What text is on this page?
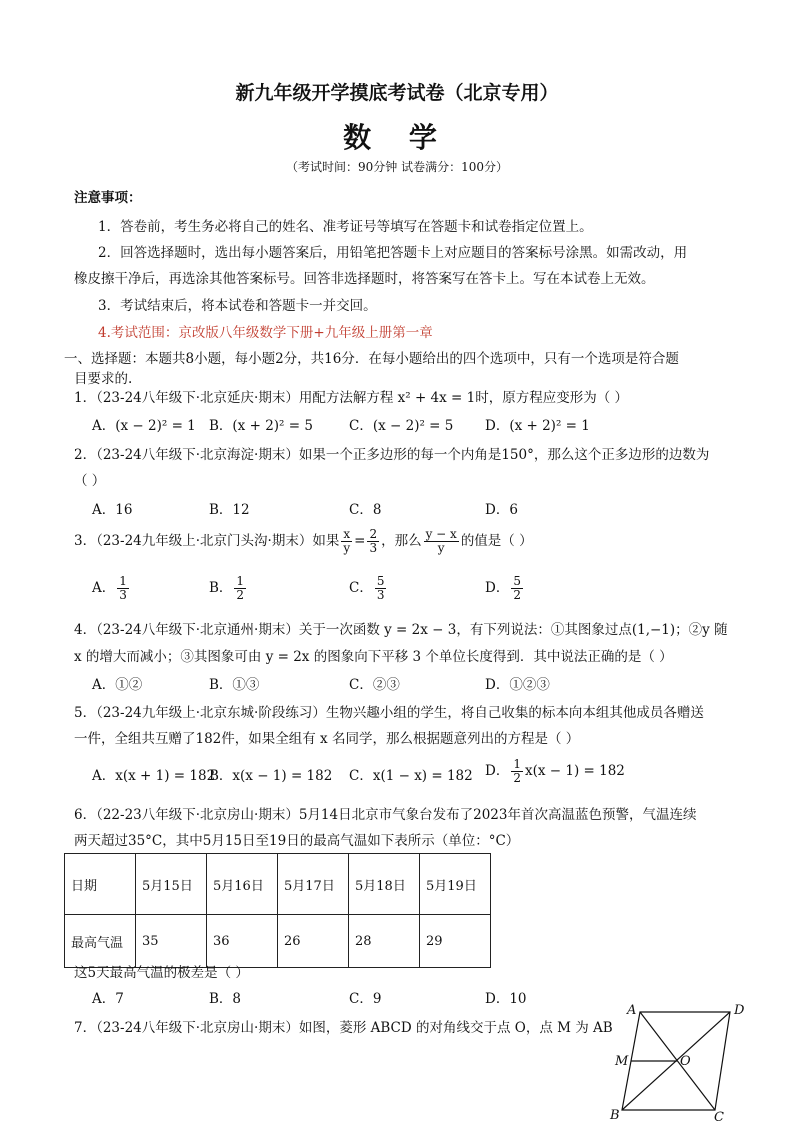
新九年级开学摸底考试卷（北京专用）
数 学
（考试时间：90分钟 试卷满分：100分）
注意事项：
1．答卷前，考生务必将自己的姓名、准考证号等填写在答题卡和试卷指定位置上。
2．回答选择题时，选出每小题答案后，用铅笔把答题卡上对应题目的答案标号涂黑。如需改动，用
橡皮擦干净后，再选涂其他答案标号。回答非选择题时，将答案写在答卡上。写在本试卷上无效。
3．考试结束后，将本试卷和答题卡一并交回。
4.考试范围：京改版八年级数学下册+九年级上册第一章
一、选择题：本题共8小题，每小题2分，共16分．在每小题给出的四个选项中，只有一个选项是符合题
目要求的.
1．（23-24八年级下·北京延庆·期末）用配方法解方程 x² + 4x = 1时，原方程应变形为（ ）
A．(x − 2)² = 1 B．(x + 2)² = 5	C．(x − 2)² = 5 D．(x + 2)² = 1
2．（23-24八年级下·北京海淀·期末）如果一个正多边形的每一个内角是150°，那么这个正多边形的边数为
（ ）
A．16	B．12	C．8	D．6
3．（23-24九年级上·北京门头沟·期末）如果 $\frac{x}{y} = \frac{2}{3}$ ，那么 $\frac{y - x}{y}$ 的值是（ ）
A． $\frac{1}{3}$	B． $\frac{1}{2}$	C． $\frac{5}{3}$	D． $\frac{5}{2}$
4．（23-24八年级下·北京通州·期末）关于一次函数 y = 2x − 3，有下列说法：①其图象过点(1,−1)；②y 随
x 的增大而减小；③其图象可由 y = 2x 的图象向下平移 3 个单位长度得到．其中说法正确的是（ ）
A．①②	B．①③	C．②③	D．①②③
5．（23-24九年级上·北京东城·阶段练习）生物兴趣小组的学生，将自己收集的标本向本组其他成员各赠送
一件，全组共互赠了182件，如果全组有 x 名同学，那么根据题意列出的方程是（ ）
A．x(x + 1) = 182
B．x(x − 1) = 182 C．x(1 − x) = 182 D． $\frac{1}{2} x(x - 1) = 182$
6．（22-23八年级下·北京房山·期末）5月14日北京市气象台发布了2023年首次高温蓝色预警，气温连续
两天超过35°C，其中5月15日至19日的最高气温如下表所示（单位：°C）
日期	5月15日	5月16日	5月17日	5月18日	5月19日
最高气温	35	36	26	28	29
这5天最高气温的极差是（ ）
A．7	B．8	C．9	D．10
7．（23-24八年级下·北京房山·期末）如图，菱形 ABCD 的对角线交于点 O，点 M 为 AB
A	D
B	C
M	O
